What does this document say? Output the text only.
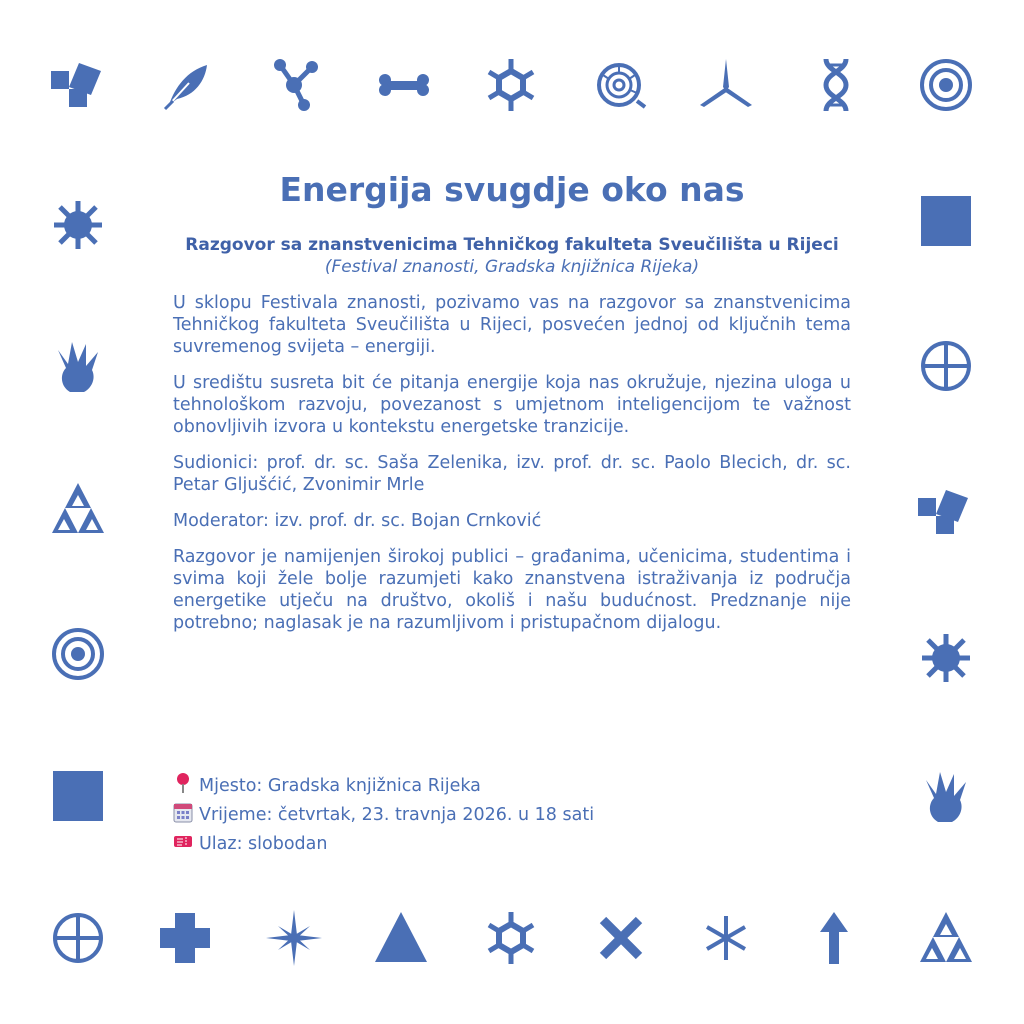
Energija svugdje oko nas
Razgovor sa znanstvenicima Tehničkog fakulteta Sveučilišta u Rijeci
(Festival znanosti, Gradska knjižnica Rijeka)

U sklopu Festivala znanosti, pozivamo vas na razgovor sa znanstvenicima Tehničkog fakulteta Sveučilišta u Rijeci, posvećen jednoj od ključnih tema suvremenog svijeta – energiji.

U središtu susreta bit će pitanja energije koja nas okružuje, njezina uloga u tehnološkom razvoju, povezanost s umjetnom inteligencijom te važnost obnovljivih izvora u kontekstu energetske tranzicije.

Sudionici: prof. dr. sc. Saša Zelenika, izv. prof. dr. sc. Paolo Blecich, dr. sc. Petar Gljušćić, Zvonimir Mrle

Moderator: izv. prof. dr. sc. Bojan Crnković

Razgovor je namijenjen širokoj publici – građanima, učenicima, studentima i svima koji žele bolje razumjeti kako znanstvena istraživanja iz područja energetike utječu na društvo, okoliš i našu budućnost. Predznanje nije potrebno; naglasak je na razumljivom i pristupačnom dijalogu.

Mjesto: Gradska knjižnica Rijeka
Vrijeme: četvrtak, 23. travnja 2026. u 18 sati
Ulaz: slobodan
